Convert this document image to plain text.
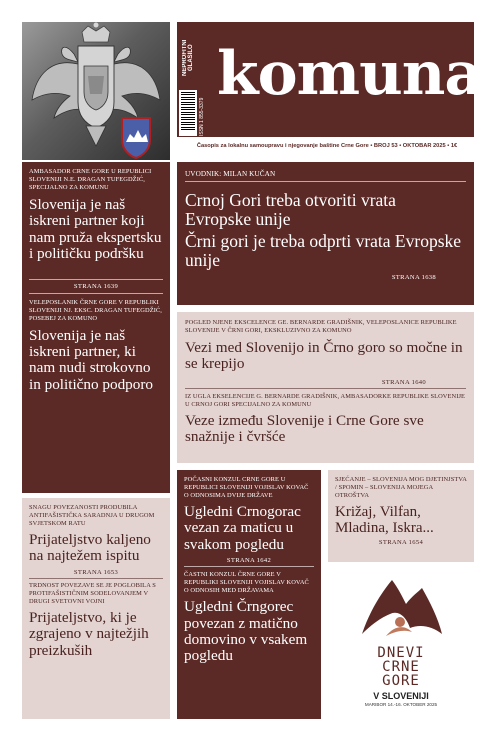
NEPROFITNI GLASILO
ISSN 1 855-3379
komuna
Časopis za lokalnu samoupravu i njegovanje baštine Crne Gore • BROJ 53 • OKTOBAR 2025 • 1€
UVODNIK: MILAN KUČAN
Crnoj Gori treba otvoriti vrata Evropske unije
Črni gori je treba odprti vrata Evropske unije
STRANA 1638
AMBASADOR CRNE GORE U REPUBLICI SLOVENIJI N.E. DRAGAN TUFEGDŽIĆ, SPECIJALNO ZA KOMUNU
Slovenija je naš iskreni partner koji nam pruža ekspertsku i političku podršku
STRANA 1639
VELEPOSLANIK ČRNE GORE V REPUBLIKI SLOVENIJI NJ. EKSC. DRAGAN TUFEGDŽIĆ, POSEBEJ ZA KOMUNO
Slovenija je naš iskreni partner, ki nam nudi strokovno in politično podporo
POGLED NJENE EKSCELENCE GE. BERNARDE GRADIŠNIK, VELEPOSLANICE REPUBLIKE SLOVENIJE V ČRNI GORI, EKSKLUZIVNO ZA KOMUNO
Vezi med Slovenijo in Črno goro so močne in se krepijo
STRANA 1640
IZ UGLA EKSELENCIJE G. BERNARDE GRADIŠNIK, AMBASADORKE REPUBLIKE SLOVENIJE U CRNOJ GORI SPECIJALNO ZA KOMUNU
Veze između Slovenije i Crne Gore sve snažnije i čvršće
SNAGU POVEZANOSTI PRODUBILA ANTIFAŠISTIČKA SARADNJA U DRUGOM SVJETSKOM RATU
Prijateljstvo kaljeno na najtežem ispitu
STRANA 1653
TRDNOST POVEZAVE SE JE POGLOBILA S PROTIFAŠISTIČNIM SODELOVANJEM V DRUGI SVETOVNI VOJNI
Prijateljstvo, ki je zgrajeno v najtežjih preizkuših
POČASNI KONZUL CRNE GORE U REPUBLICI SLOVENIJI VOJISLAV KOVAČ O ODNOSIMA DVIJE DRŽAVE
Ugledni Crnogorac vezan za maticu u svakom pogledu
STRANA 1642
ČASTNI KONZUL ČRNE GORE V REPUBLIKI SLOVENIJI VOJISLAV KOVAČ O ODNOSIH MED DRŽAVAMA
Ugledni Črngorec povezan z matično domovino v vsakem pogledu
SJEĆANJE – SLOVENIJA MOG DJETINJSTVA / SPOMIN – SLOVENIJA MOJEGA OTROŠTVA
Križaj, Vilfan, Mladina, Iskra...
STRANA 1654
DNEVI
CRNE
GORE
V SLOVENIJI
MARIBOR 14.-16. OKTOBER 2025
